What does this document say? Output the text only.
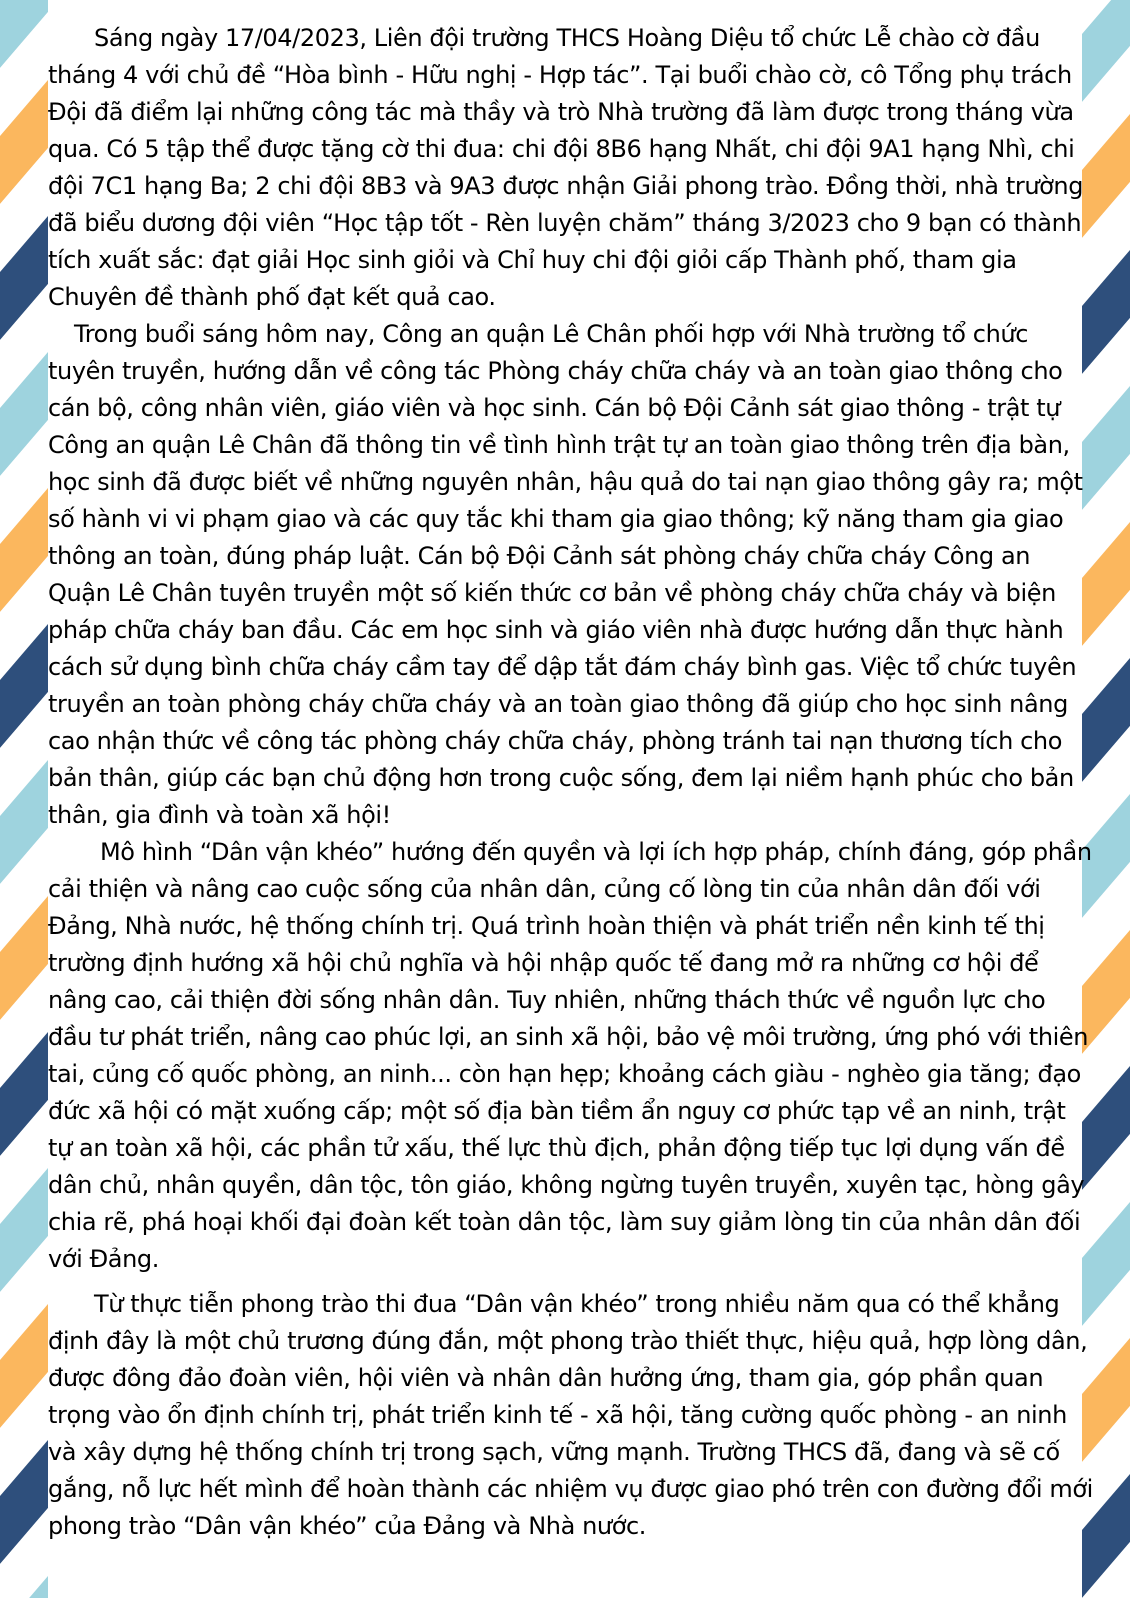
Sáng ngày 17/04/2023, Liên đội trường THCS Hoàng Diệu tổ chức Lễ chào cờ đầu tháng 4 với chủ đề “Hòa bình - Hữu nghị - Hợp tác”. Tại buổi chào cờ, cô Tổng phụ trách Đội đã điểm lại những công tác mà thầy và trò Nhà trường đã làm được trong tháng vừa qua. Có 5 tập thể được tặng cờ thi đua: chi đội 8B6 hạng Nhất, chi đội 9A1 hạng Nhì, chi đội 7C1 hạng Ba; 2 chi đội 8B3 và 9A3 được nhận Giải phong trào. Đồng thời, nhà trường đã biểu dương đội viên “Học tập tốt - Rèn luyện chăm” tháng 3/2023 cho 9 bạn có thành tích xuất sắc: đạt giải Học sinh giỏi và Chỉ huy chi đội giỏi cấp Thành phố, tham gia Chuyên đề thành phố đạt kết quả cao.

Trong buổi sáng hôm nay, Công an quận Lê Chân phối hợp với Nhà trường tổ chức tuyên truyền, hướng dẫn về công tác Phòng cháy chữa cháy và an toàn giao thông cho cán bộ, công nhân viên, giáo viên và học sinh. Cán bộ Đội Cảnh sát giao thông - trật tự Công an quận Lê Chân đã thông tin về tình hình trật tự an toàn giao thông trên địa bàn, học sinh đã được biết về những nguyên nhân, hậu quả do tai nạn giao thông gây ra; một số hành vi vi phạm giao và các quy tắc khi tham gia giao thông; kỹ năng tham gia giao thông an toàn, đúng pháp luật. Cán bộ Đội Cảnh sát phòng cháy chữa cháy Công an Quận Lê Chân tuyên truyền một số kiến thức cơ bản về phòng cháy chữa cháy và biện pháp chữa cháy ban đầu. Các em học sinh và giáo viên nhà được hướng dẫn thực hành cách sử dụng bình chữa cháy cầm tay để dập tắt đám cháy bình gas. Việc tổ chức tuyên truyền an toàn phòng cháy chữa cháy và an toàn giao thông đã giúp cho học sinh nâng cao nhận thức về công tác phòng cháy chữa cháy, phòng tránh tai nạn thương tích cho bản thân, giúp các bạn chủ động hơn trong cuộc sống, đem lại niềm hạnh phúc cho bản thân, gia đình và toàn xã hội!

Mô hình “Dân vận khéo” hướng đến quyền và lợi ích hợp pháp, chính đáng, góp phần cải thiện và nâng cao cuộc sống của nhân dân, củng cố lòng tin của nhân dân đối với Đảng, Nhà nước, hệ thống chính trị. Quá trình hoàn thiện và phát triển nền kinh tế thị trường định hướng xã hội chủ nghĩa và hội nhập quốc tế đang mở ra những cơ hội để nâng cao, cải thiện đời sống nhân dân. Tuy nhiên, những thách thức về nguồn lực cho đầu tư phát triển, nâng cao phúc lợi, an sinh xã hội, bảo vệ môi trường, ứng phó với thiên tai, củng cố quốc phòng, an ninh... còn hạn hẹp; khoảng cách giàu - nghèo gia tăng; đạo đức xã hội có mặt xuống cấp; một số địa bàn tiềm ẩn nguy cơ phức tạp về an ninh, trật tự an toàn xã hội, các phần tử xấu, thế lực thù địch, phản động tiếp tục lợi dụng vấn đề dân chủ, nhân quyền, dân tộc, tôn giáo, không ngừng tuyên truyền, xuyên tạc, hòng gây chia rẽ, phá hoại khối đại đoàn kết toàn dân tộc, làm suy giảm lòng tin của nhân dân đối với Đảng.

Từ thực tiễn phong trào thi đua “Dân vận khéo” trong nhiều năm qua có thể khẳng định đây là một chủ trương đúng đắn, một phong trào thiết thực, hiệu quả, hợp lòng dân, được đông đảo đoàn viên, hội viên và nhân dân hưởng ứng, tham gia, góp phần quan trọng vào ổn định chính trị, phát triển kinh tế - xã hội, tăng cường quốc phòng - an ninh và xây dựng hệ thống chính trị trong sạch, vững mạnh. Trường THCS đã, đang và sẽ cố gắng, nỗ lực hết mình để hoàn thành các nhiệm vụ được giao phó trên con đường đổi mới phong trào “Dân vận khéo” của Đảng và Nhà nước.
